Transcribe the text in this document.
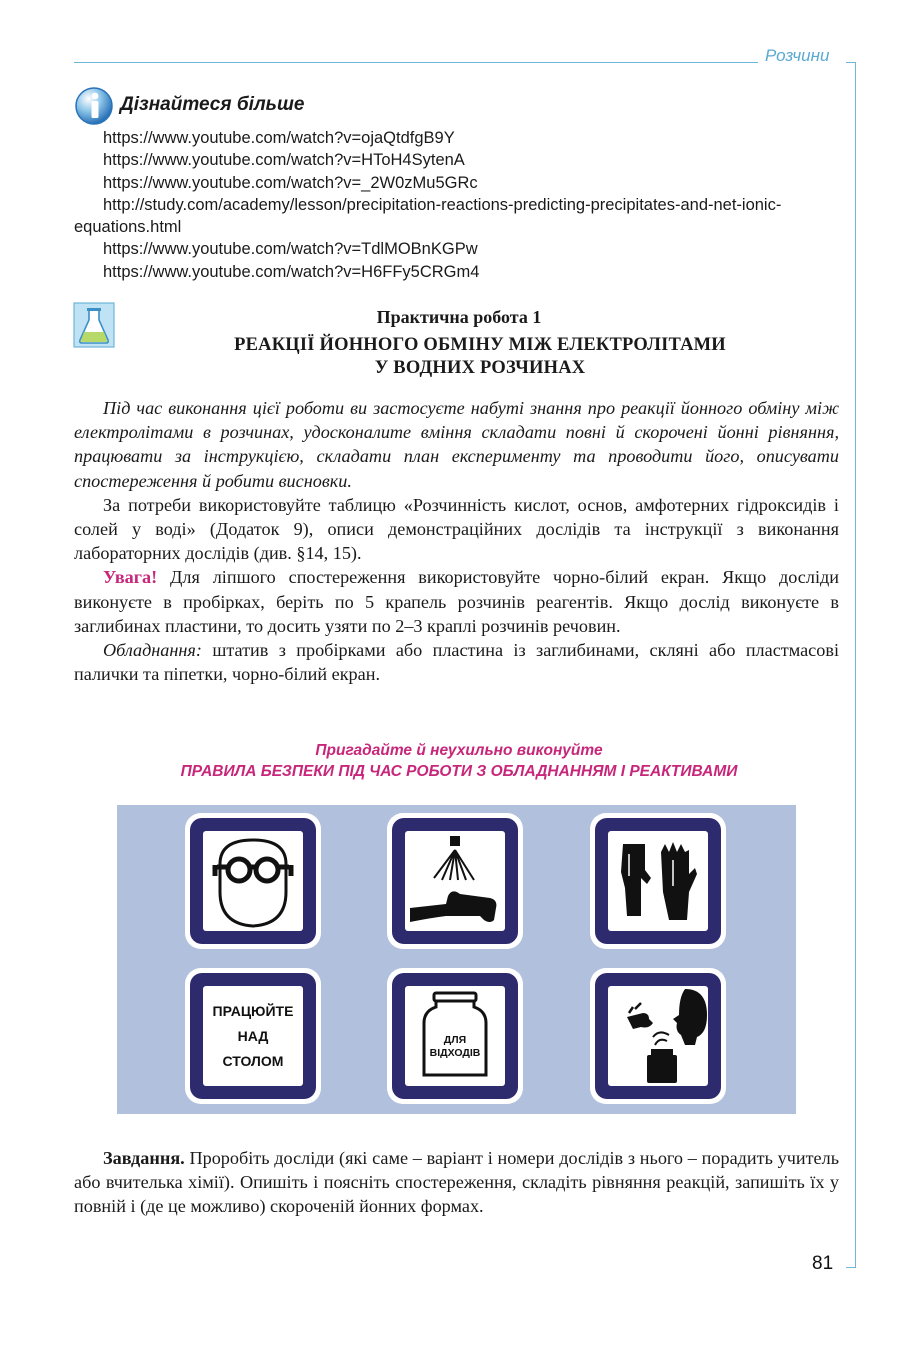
Розчини
Дізнайтеся більше
https://www.youtube.com/watch?v=ojaQtdfgB9Y
https://www.youtube.com/watch?v=HToH4SytenA
https://www.youtube.com/watch?v=_2W0zMu5GRc
http://study.com/academy/lesson/precipitation-reactions-predicting-precipitates-and-net-ionic-equations.html
https://www.youtube.com/watch?v=TdlMOBnKGPw
https://www.youtube.com/watch?v=H6FFy5CRGm4
Практична робота 1
РЕАКЦІЇ ЙОННОГО ОБМІНУ МІЖ ЕЛЕКТРОЛІТАМИ
У ВОДНИХ РОЗЧИНАХ

Під час виконання цієї роботи ви застосуєте набуті знання про реакції йонного обміну між електролітами в розчинах, удосконалите вміння складати повні й скорочені йонні рівняння, працювати за інструкцією, складати план експерименту та проводити його, описувати спостереження й робити висновки.

За потреби використовуйте таблицю «Розчинність кислот, основ, амфотерних гідроксидів і солей у воді» (Додаток 9), описи демонстраційних дослідів та інструкції з виконання лабораторних дослідів (див. §14, 15).

Увага! Для ліпшого спостереження використовуйте чорно-білий екран. Якщо досліди виконуєте в пробірках, беріть по 5 крапель розчинів реагентів. Якщо дослід виконуєте в заглибинах пластини, то досить узяти по 2–3 краплі розчинів речовин.

Обладнання: штатив з пробірками або пластина із заглибинами, скляні або пластмасові палички та піпетки, чорно-білий екран.

Пригадайте й неухильно виконуйте
ПРАВИЛА БЕЗПЕКИ ПІД ЧАС РОБОТИ З ОБЛАДНАННЯМ І РЕАКТИВАМИ
ПРАЦЮЙТЕ
НАД
СТОЛОМ
ДЛЯ
ВІДХОДІВ

Завдання. Проробіть досліди (які саме – варіант і номери дослідів з нього – порадить учитель або вчителька хімії). Опишіть і поясніть спостереження, складіть рівняння реакцій, запишіть їх у повній і (де це можливо) скороченій йонних формах.

81
